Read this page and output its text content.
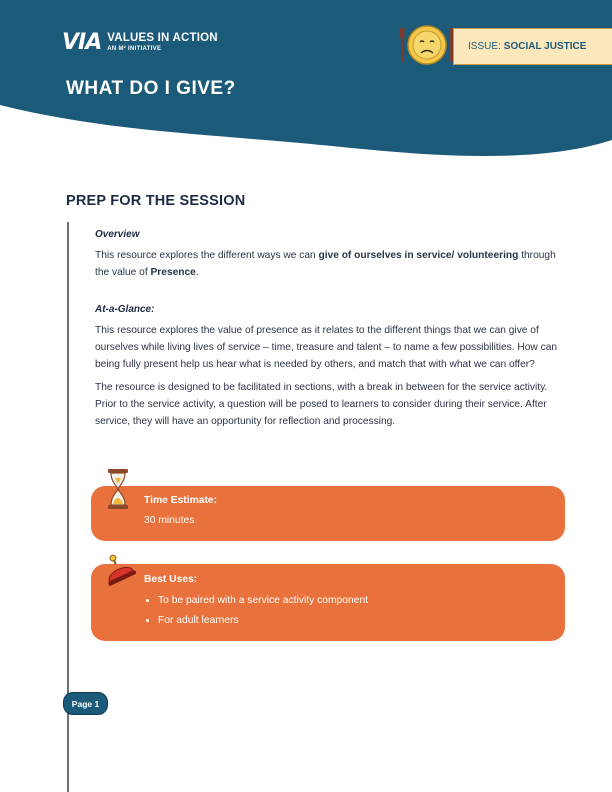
VIA VALUES IN ACTION
AN M² INITIATIVE	ISSUE: SOCIAL JUSTICE
WHAT DO I GIVE?
PREP FOR THE SESSION
Overview

This resource explores the different ways we can give of ourselves in service/ volunteering through the value of Presence.

At-a-Glance:

This resource explores the value of presence as it relates to the different things that we can give of ourselves while living lives of service – time, treasure and talent – to name a few possibilities. How can being fully present help us hear what is needed by others, and match that with what we can offer?

The resource is designed to be facilitated in sections, with a break in between for the service activity. Prior to the service activity, a question will be posed to learners to consider during their service. After service, they will have an opportunity for reflection and processing.

Time Estimate:
30 minutes
Best Uses:
• To be paired with a service activity component
• For adult learners
Page 1
